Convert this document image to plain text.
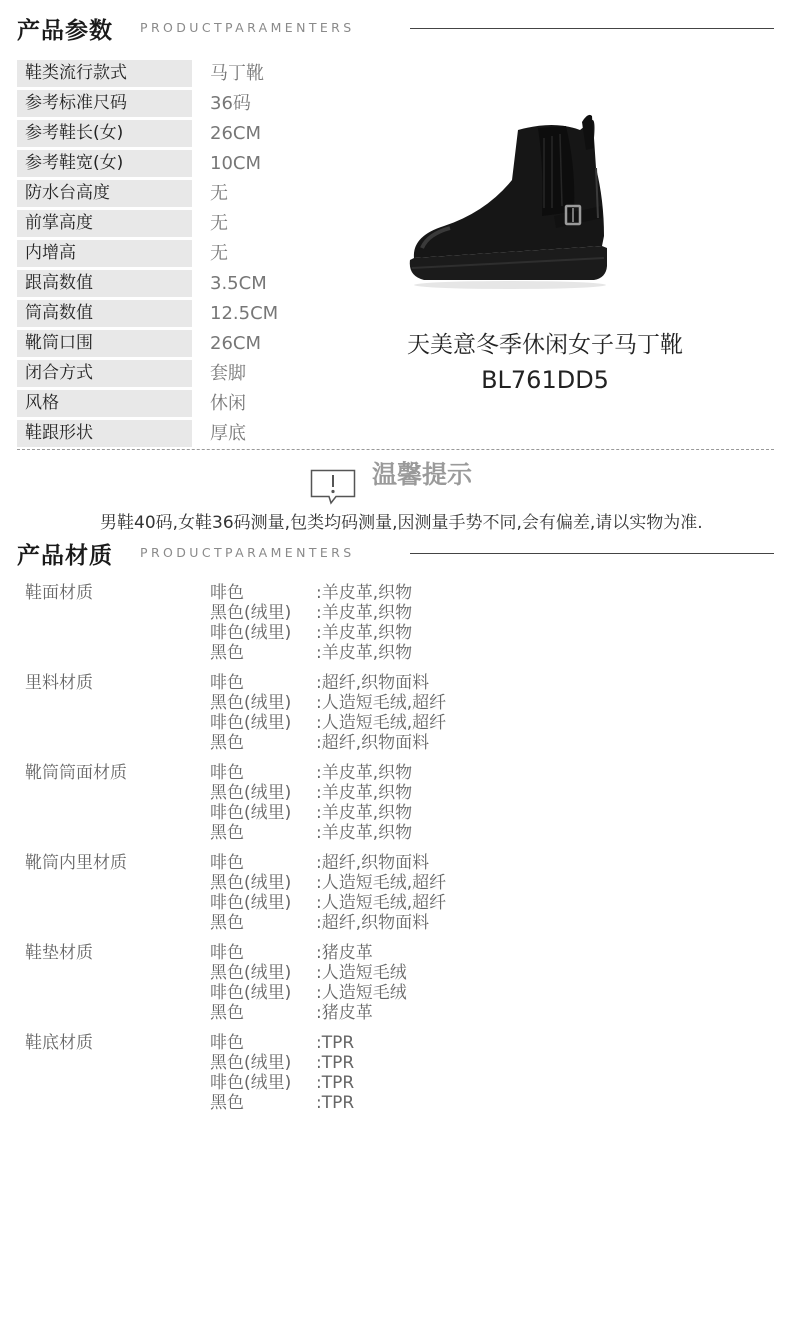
产品参数 PRODUCTPARAMENTERS
鞋类流行款式	马丁靴
参考标准尺码	36码
参考鞋长(女)	26CM
参考鞋宽(女)	10CM
防水台高度	无
前掌高度	无
内增高	无
跟高数值	3.5CM
筒高数值	12.5CM
靴筒口围	26CM
闭合方式	套脚
风格	休闲
鞋跟形状	厚底
天美意冬季休闲女子马丁靴
BL761DD5
温馨提示
男鞋40码,女鞋36码测量,包类均码测量,因测量手势不同,会有偏差,请以实物为准.
产品材质 PRODUCTPARAMENTERS
鞋面材质	啡色	:羊皮革,织物
黑色(绒里) :羊皮革,织物
啡色(绒里) :羊皮革,织物
黑色	:羊皮革,织物
里料材质	啡色	:超纤,织物面料
黑色(绒里) :人造短毛绒,超纤
啡色(绒里) :人造短毛绒,超纤
黑色	:超纤,织物面料
靴筒筒面材质	啡色	:羊皮革,织物
黑色(绒里) :羊皮革,织物
啡色(绒里) :羊皮革,织物
黑色	:羊皮革,织物
靴筒内里材质	啡色	:超纤,织物面料
黑色(绒里) :人造短毛绒,超纤
啡色(绒里) :人造短毛绒,超纤
黑色	:超纤,织物面料
鞋垫材质	啡色	:猪皮革
黑色(绒里) :人造短毛绒
啡色(绒里) :人造短毛绒
黑色	:猪皮革
鞋底材质	啡色	:TPR
黑色(绒里) :TPR
啡色(绒里) :TPR
黑色	:TPR
